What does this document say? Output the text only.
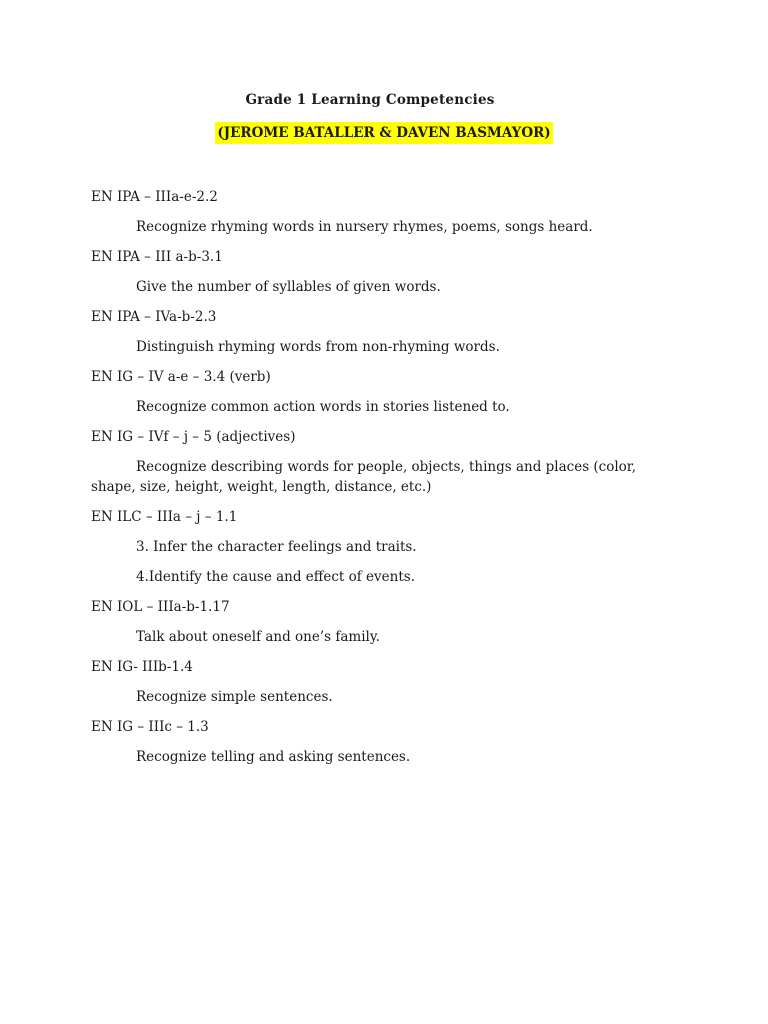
Grade 1 Learning Competencies
(JEROME BATALLER & DAVEN BASMAYOR)

EN IPA – IIIa-e-2.2

Recognize rhyming words in nursery rhymes, poems, songs heard.

EN IPA – III a-b-3.1

Give the number of syllables of given words.

EN IPA – IVa-b-2.3

Distinguish rhyming words from non-rhyming words.

EN IG – IV a-e – 3.4 (verb)

Recognize common action words in stories listened to.

EN IG – IVf – j – 5 (adjectives)

Recognize describing words for people, objects, things and places (color, shape, size, height, weight, length, distance, etc.)

EN ILC – IIIa – j – 1.1

3. Infer the character feelings and traits.

4.Identify the cause and effect of events.

EN IOL – IIIa-b-1.17

Talk about oneself and one’s family.

EN IG- IIIb-1.4

Recognize simple sentences.

EN IG – IIIc – 1.3

Recognize telling and asking sentences.
